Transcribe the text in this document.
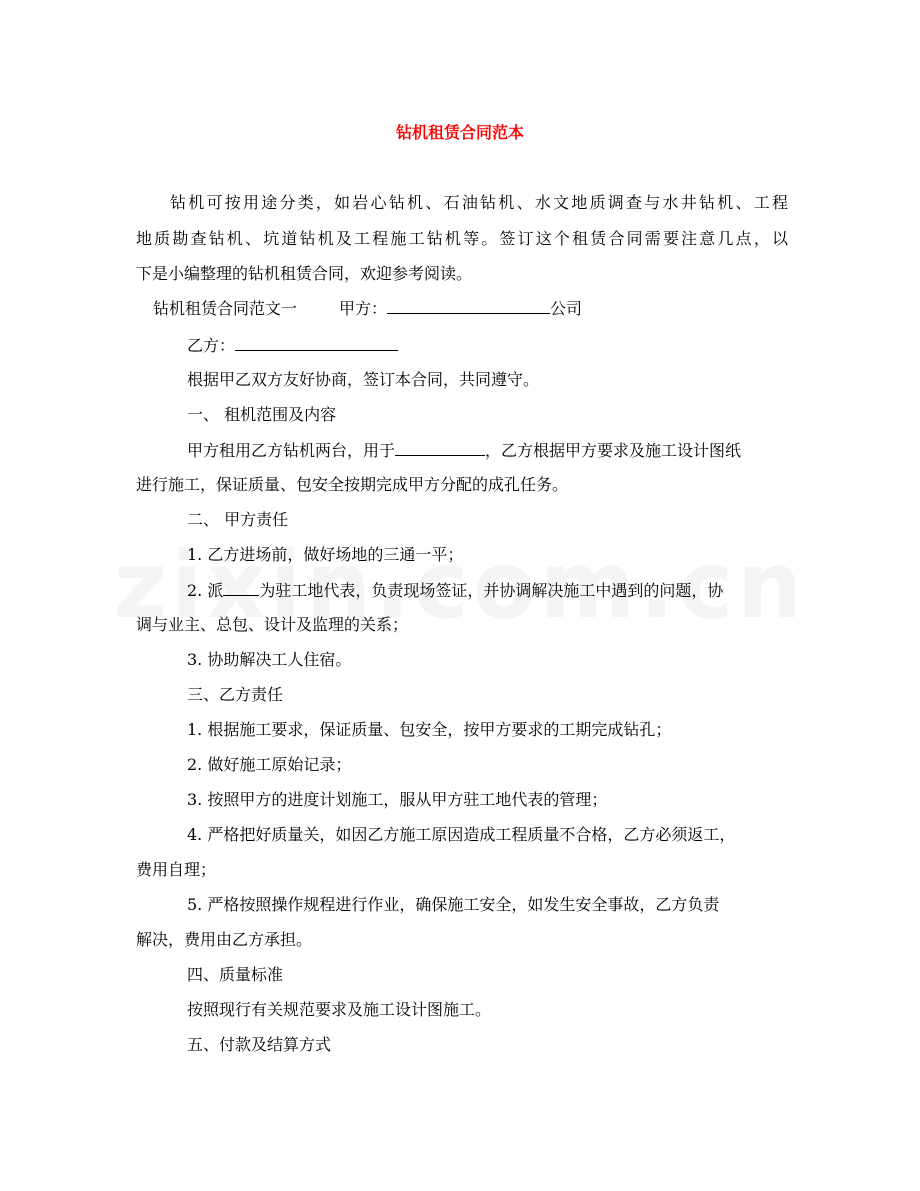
钻机租赁合同范本
钻机可按用途分类，如岩心钻机、石油钻机、水文地质调查与水井钻机、工程
地质勘查钻机、坑道钻机及工程施工钻机等。签订这个租赁合同需要注意几点，以
下是小编整理的钻机租赁合同，欢迎参考阅读。
钻机租赁合同范文一	甲方：	公司
乙方：
根据甲乙双方友好协商，签订本合同，共同遵守。
一、 租机范围及内容
甲方租用乙方钻机两台，用于	，乙方根据甲方要求及施工设计图纸
进行施工，保证质量、包安全按期完成甲方分配的成孔任务。
二、 甲方责任
1. 乙方进场前，做好场地的三通一平；
2. 派 为驻工地代表，负责现场签证，并协调解决施工中遇到的问题，协
调与业主、总包、设计及监理的关系；
3. 协助解决工人住宿。
三、乙方责任
1. 根据施工要求，保证质量、包安全，按甲方要求的工期完成钻孔；
2. 做好施工原始记录；
3. 按照甲方的进度计划施工，服从甲方驻工地代表的管理；
4. 严格把好质量关，如因乙方施工原因造成工程质量不合格，乙方必须返工，
费用自理；
5. 严格按照操作规程进行作业，确保施工安全，如发生安全事故，乙方负责
解决，费用由乙方承担。
四、质量标准
按照现行有关规范要求及施工设计图施工。
五、付款及结算方式
